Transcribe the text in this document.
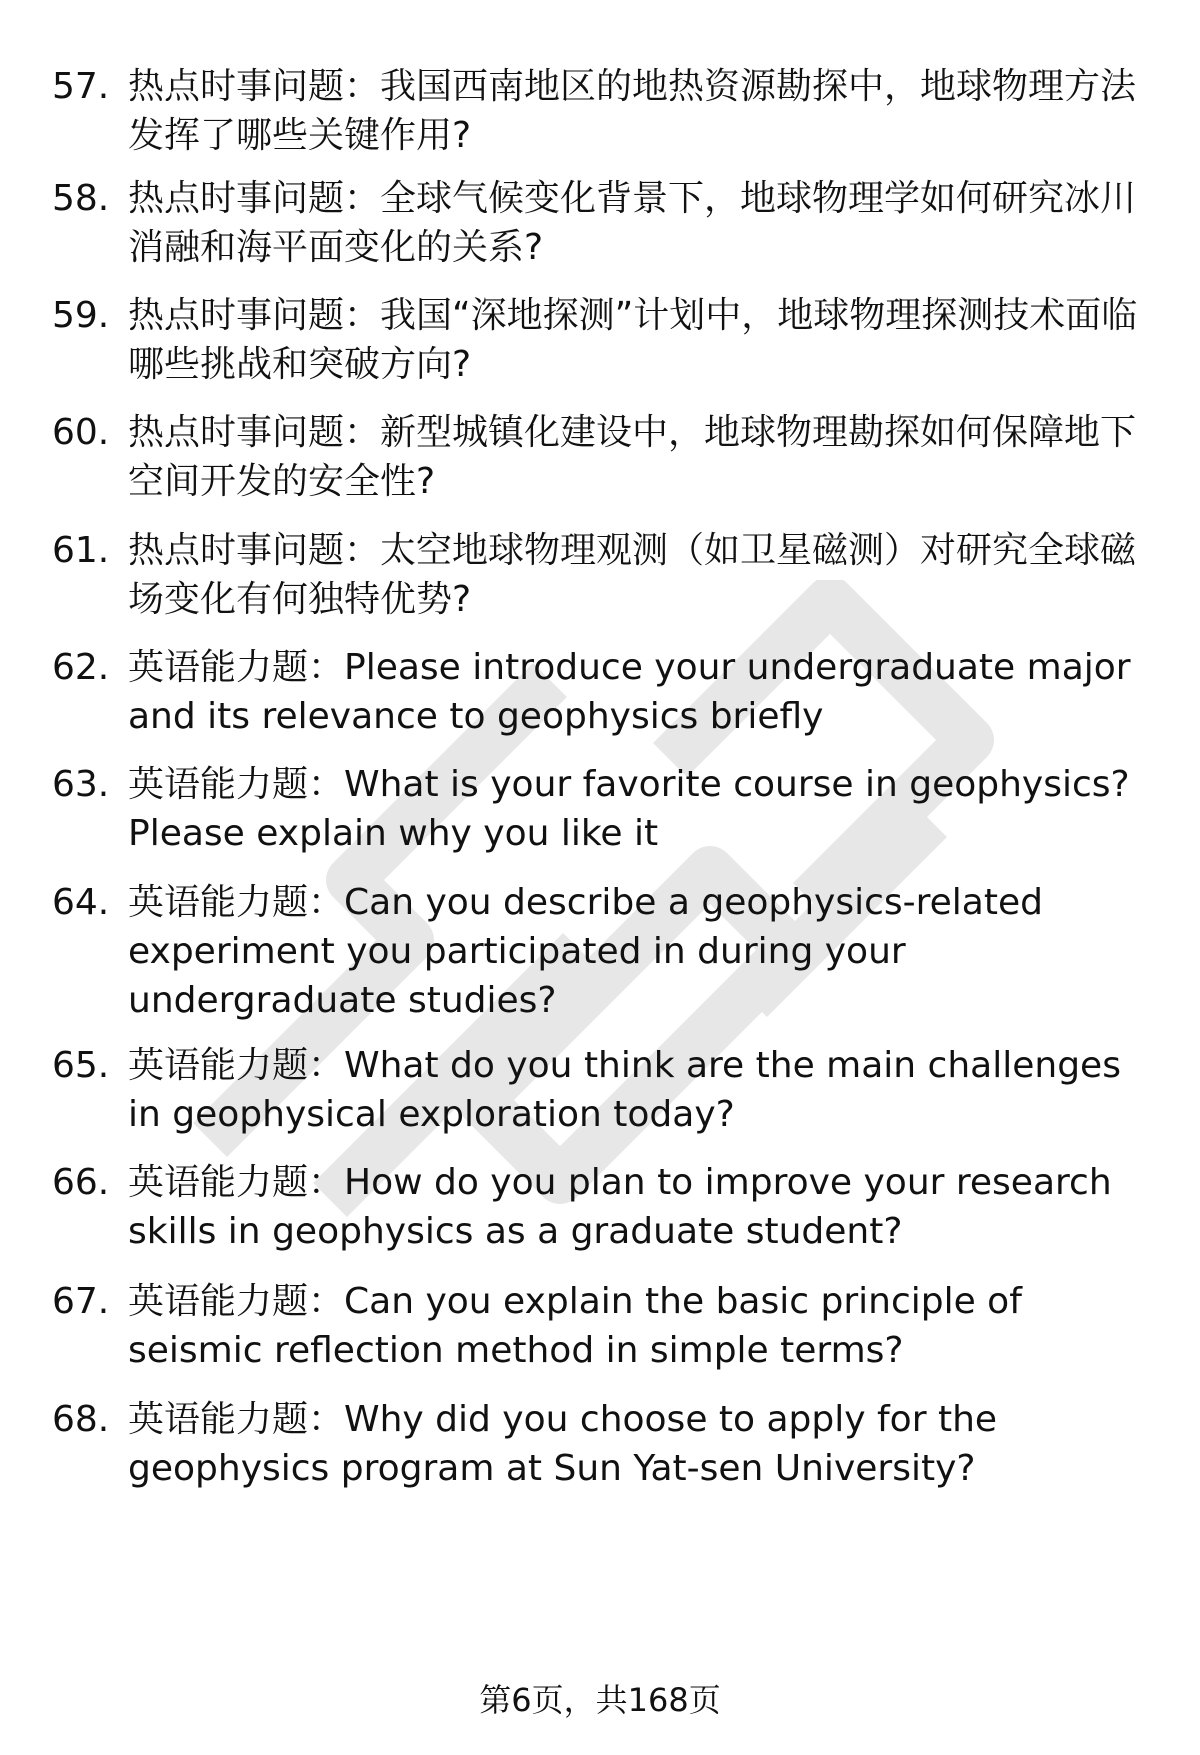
57. 热点时事问题：我国西南地区的地热资源勘探中，地球物理方法发挥了哪些关键作用?
58. 热点时事问题：全球气候变化背景下，地球物理学如何研究冰川消融和海平面变化的关系?
59. 热点时事问题：我国“深地探测”计划中，地球物理探测技术面临哪些挑战和突破方向?
60. 热点时事问题：新型城镇化建设中，地球物理勘探如何保障地下空间开发的安全性?
61. 热点时事问题：太空地球物理观测（如卫星磁测）对研究全球磁场变化有何独特优势?
62. 英语能力题：Please introduce your undergraduate major and its relevance to geophysics briefly
63. 英语能力题：What is your favorite course in geophysics? Please explain why you like it
64. 英语能力题：Can you describe a geophysics-related experiment you participated in during your undergraduate studies?
65. 英语能力题：What do you think are the main challenges in geophysical exploration today?
66. 英语能力题：How do you plan to improve your research skills in geophysics as a graduate student?
67. 英语能力题：Can you explain the basic principle of seismic reflection method in simple terms?
68. 英语能力题：Why did you choose to apply for the geophysics program at Sun Yat-sen University?
第6页，共168页
